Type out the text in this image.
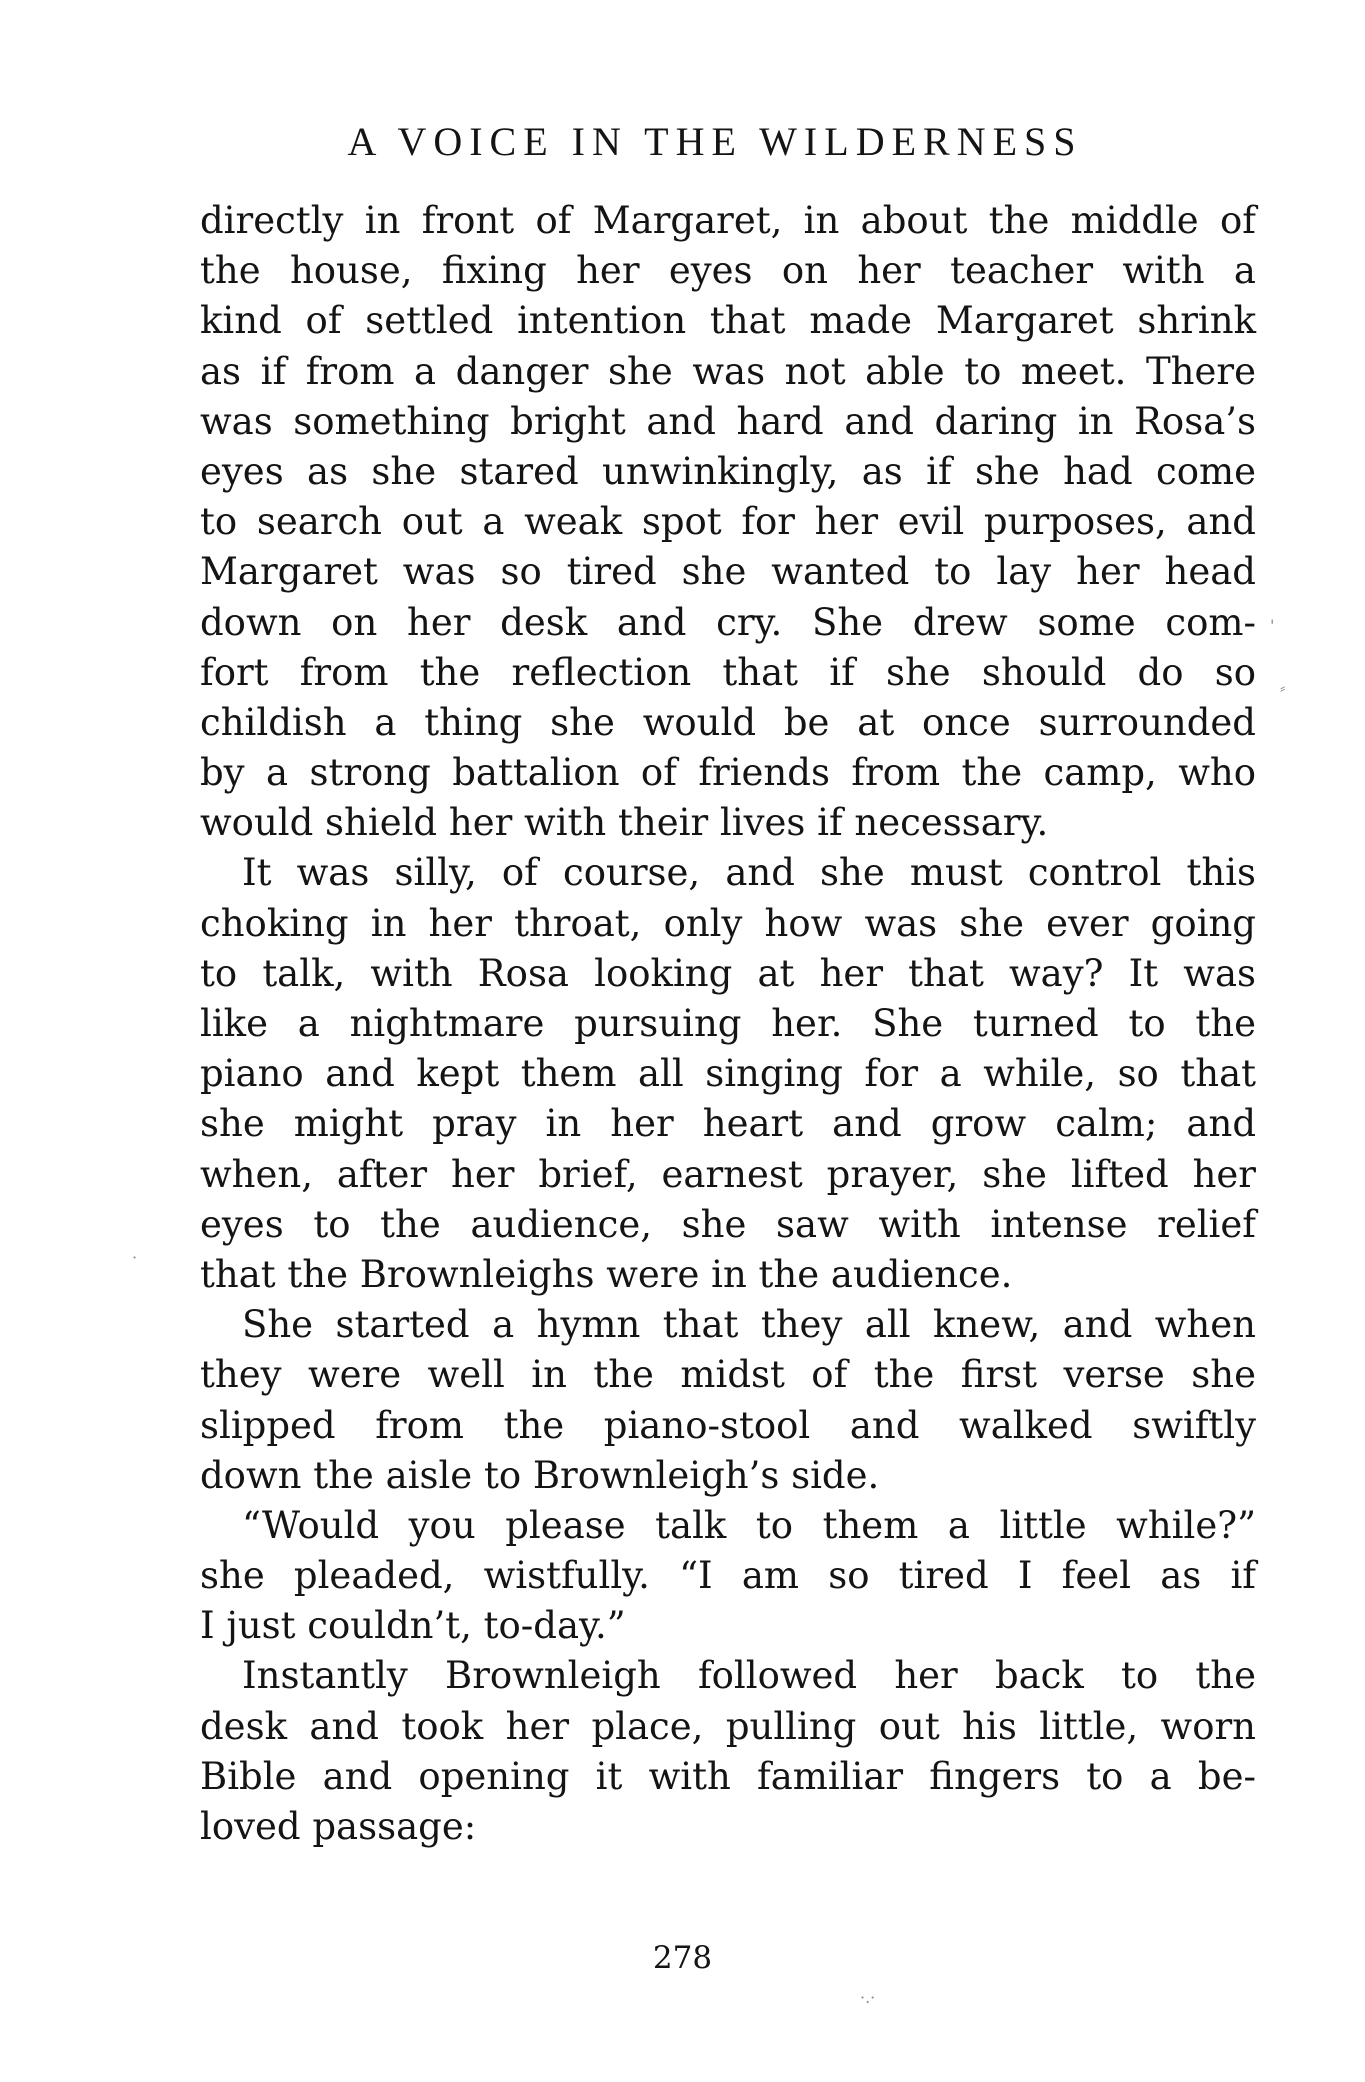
A VOICE IN THE WILDERNESS
directly in front of Margaret, in about the middle of
the house, fixing her eyes on her teacher with a
kind of settled intention that made Margaret shrink
as if from a danger she was not able to meet. There
was something bright and hard and daring in Rosa’s
eyes as she stared unwinkingly, as if she had come
to search out a weak spot for her evil purposes, and
Margaret was so tired she wanted to lay her head
down on her desk and cry. She drew some com-
fort from the reflection that if she should do so
childish a thing she would be at once surrounded
by a strong battalion of friends from the camp, who
would shield her with their lives if necessary.
It was silly, of course, and she must control this
choking in her throat, only how was she ever going
to talk, with Rosa looking at her that way? It was
like a nightmare pursuing her. She turned to the
piano and kept them all singing for a while, so that
she might pray in her heart and grow calm; and
when, after her brief, earnest prayer, she lifted her
eyes to the audience, she saw with intense relief
that the Brownleighs were in the audience.
She started a hymn that they all knew, and when
they were well in the midst of the first verse she
slipped from the piano-stool and walked swiftly
down the aisle to Brownleigh’s side.
“Would you please talk to them a little while?”
she pleaded, wistfully. “I am so tired I feel as if
I just couldn’t, to-day.”
Instantly Brownleigh followed her back to the
desk and took her place, pulling out his little, worn
Bible and opening it with familiar fingers to a be-
loved passage:
278
⸗
'
·.·
·
